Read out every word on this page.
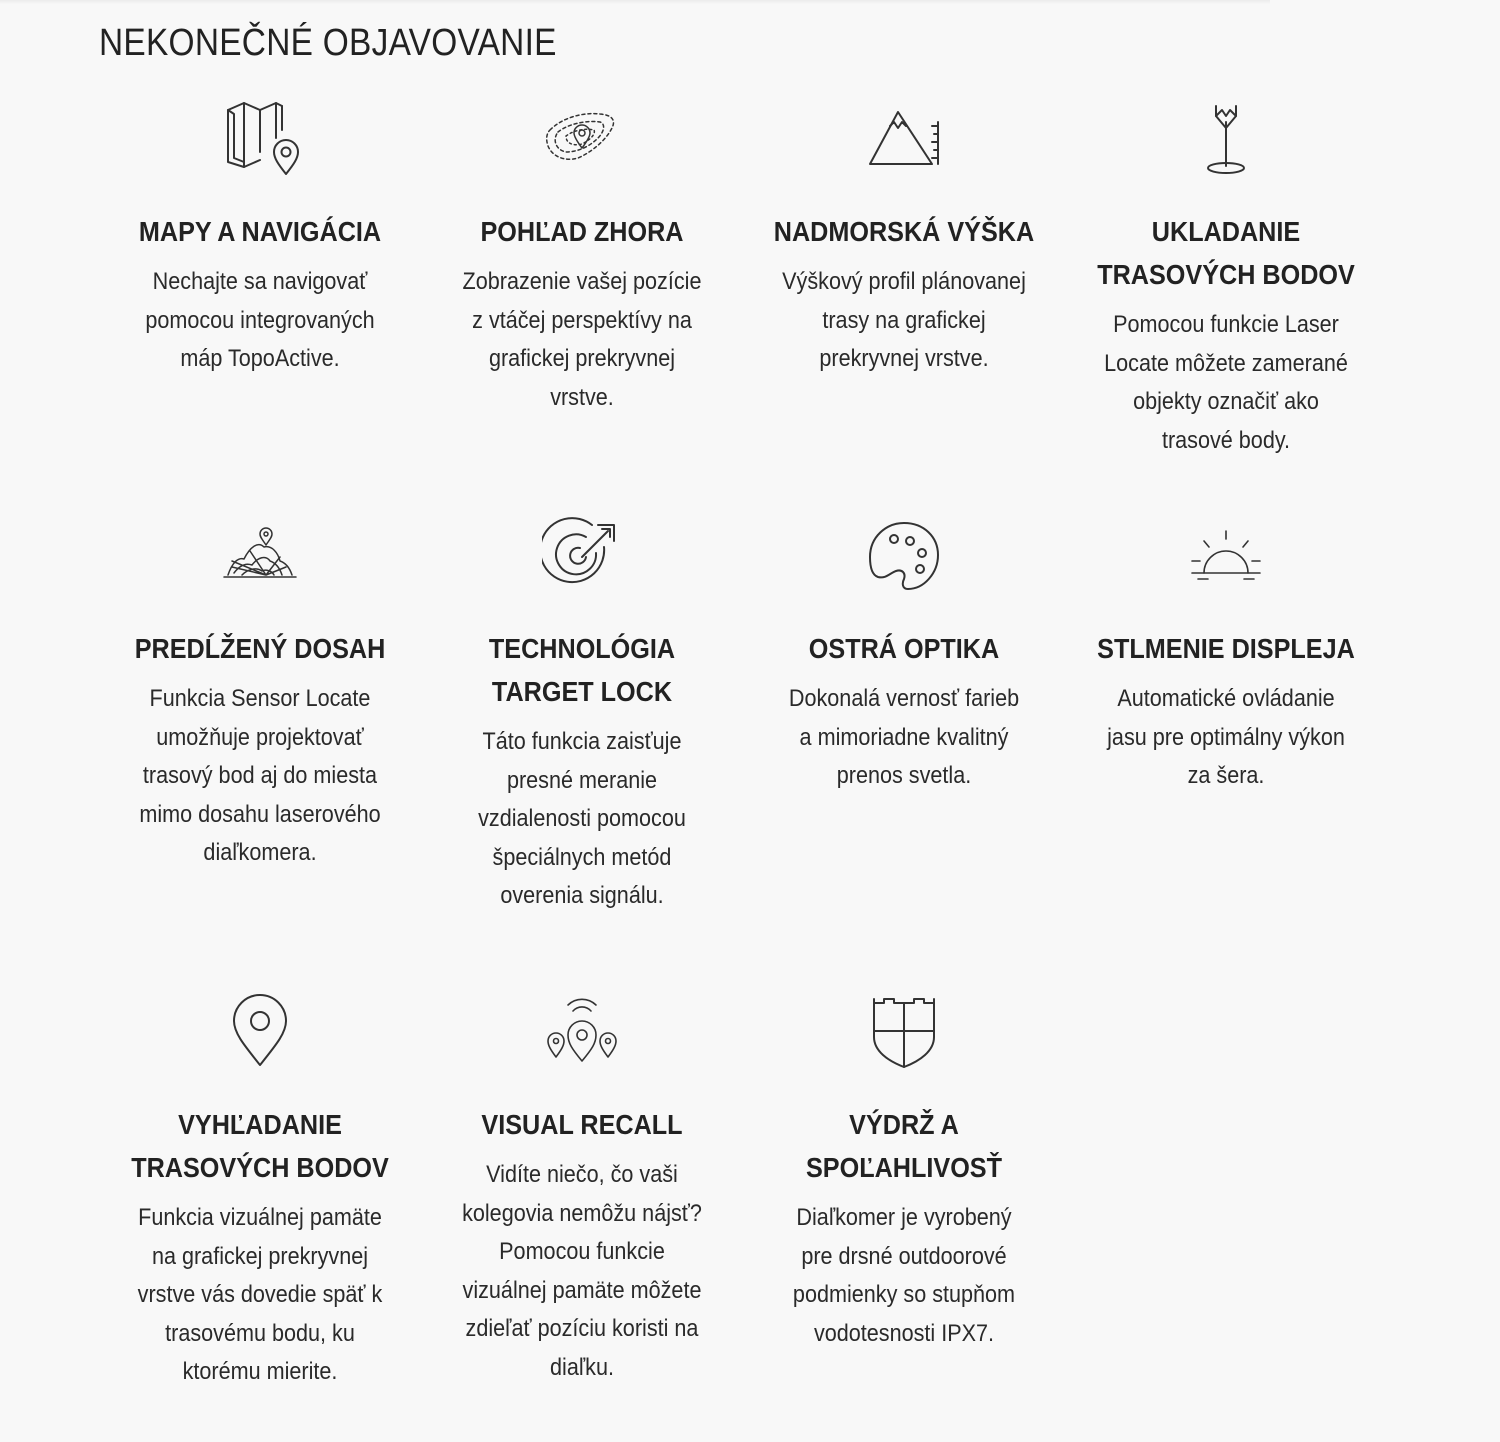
NEKONEČNÉ OBJAVOVANIE
MAPY A NAVIGÁCIA

Nechajte sa navigovať
pomocou integrovaných
máp TopoActive.

POHĽAD ZHORA

Zobrazenie vašej pozície
z vtáčej perspektívy na
grafickej prekryvnej
vrstve.

NADMORSKÁ VÝŠKA

Výškový profil plánovanej
trasy na grafickej
prekryvnej vrstve.

UKLADANIE
TRASOVÝCH BODOV

Pomocou funkcie Laser
Locate môžete zamerané
objekty označiť ako
trasové body.

PREDĹŽENÝ DOSAH

Funkcia Sensor Locate
umožňuje projektovať
trasový bod aj do miesta
mimo dosahu laserového
diaľkomera.

TECHNOLÓGIA
TARGET LOCK

Táto funkcia zaisťuje
presné meranie
vzdialenosti pomocou
špeciálnych metód
overenia signálu.

OSTRÁ OPTIKA

Dokonalá vernosť farieb
a mimoriadne kvalitný
prenos svetla.

STLMENIE DISPLEJA

Automatické ovládanie
jasu pre optimálny výkon
za šera.

VYHĽADANIE
TRASOVÝCH BODOV

Funkcia vizuálnej pamäte
na grafickej prekryvnej
vrstve vás dovedie späť k
trasovému bodu, ku
ktorému mierite.

VISUAL RECALL

Vidíte niečo, čo vaši
kolegovia nemôžu nájsť?
Pomocou funkcie
vizuálnej pamäte môžete
zdieľať pozíciu koristi na
diaľku.

VÝDRŽ A
SPOĽAHLIVOSŤ

Diaľkomer je vyrobený
pre drsné outdoorové
podmienky so stupňom
vodotesnosti IPX7.
